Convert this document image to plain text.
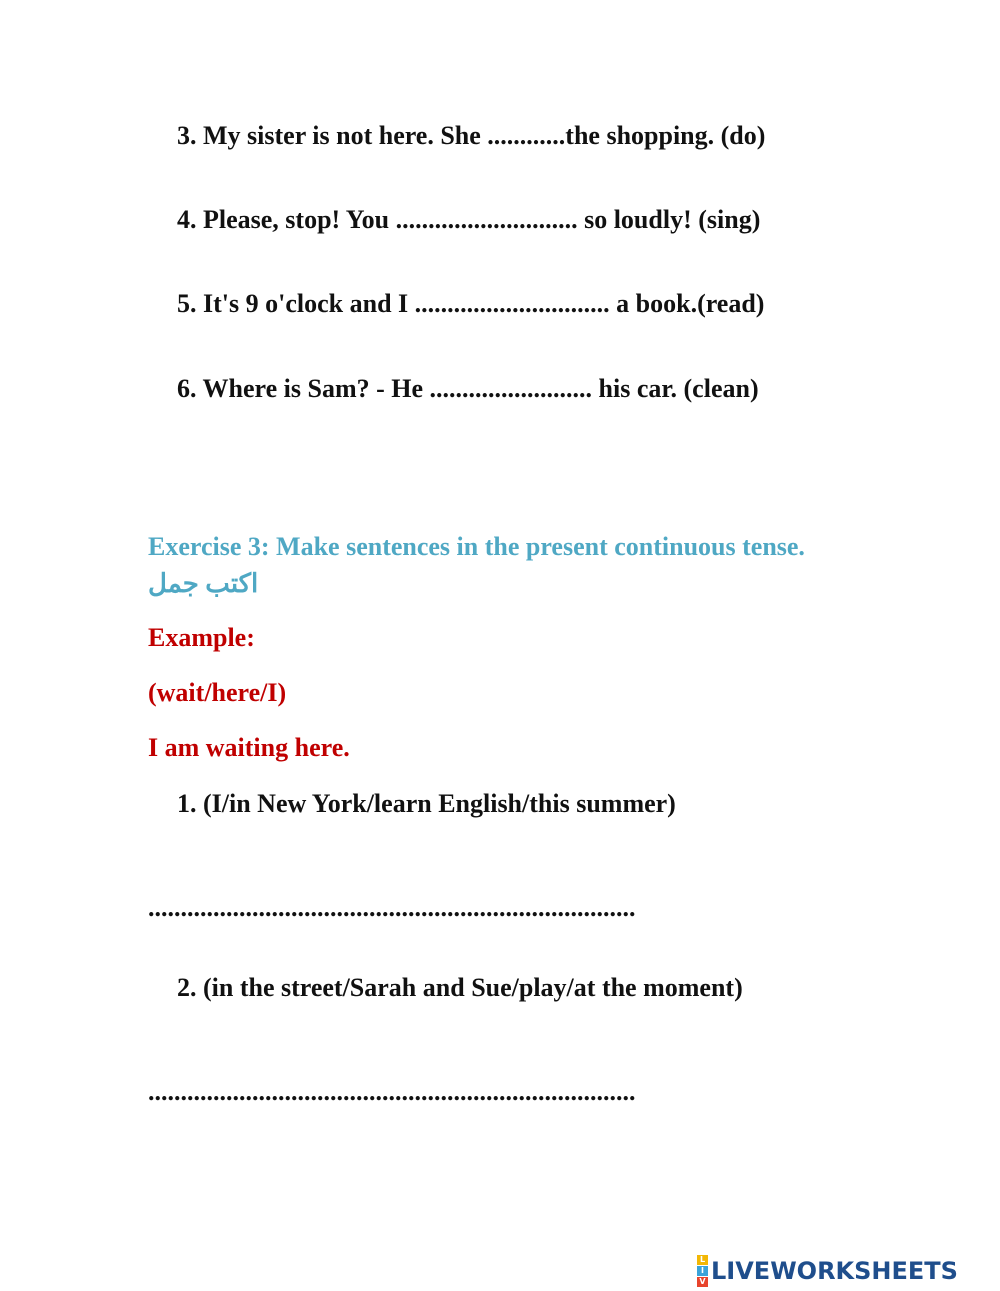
3. My sister is not here. She ............the shopping. (do)
4. Please, stop! You ............................ so loudly! (sing)
5. It's 9 o'clock and I .............................. a book.(read)
6. Where is Sam? - He ......................... his car. (clean)
Exercise 3: Make sentences in the present continuous tense. اكتب جمل
Example:
(wait/here/I)
I am waiting here.
1. (I/in New York/learn English/this summer)
...........................................................................
2. (in the street/Sarah and Sue/play/at the moment)
...........................................................................
L
I
V LIVEWORKSHEETS
